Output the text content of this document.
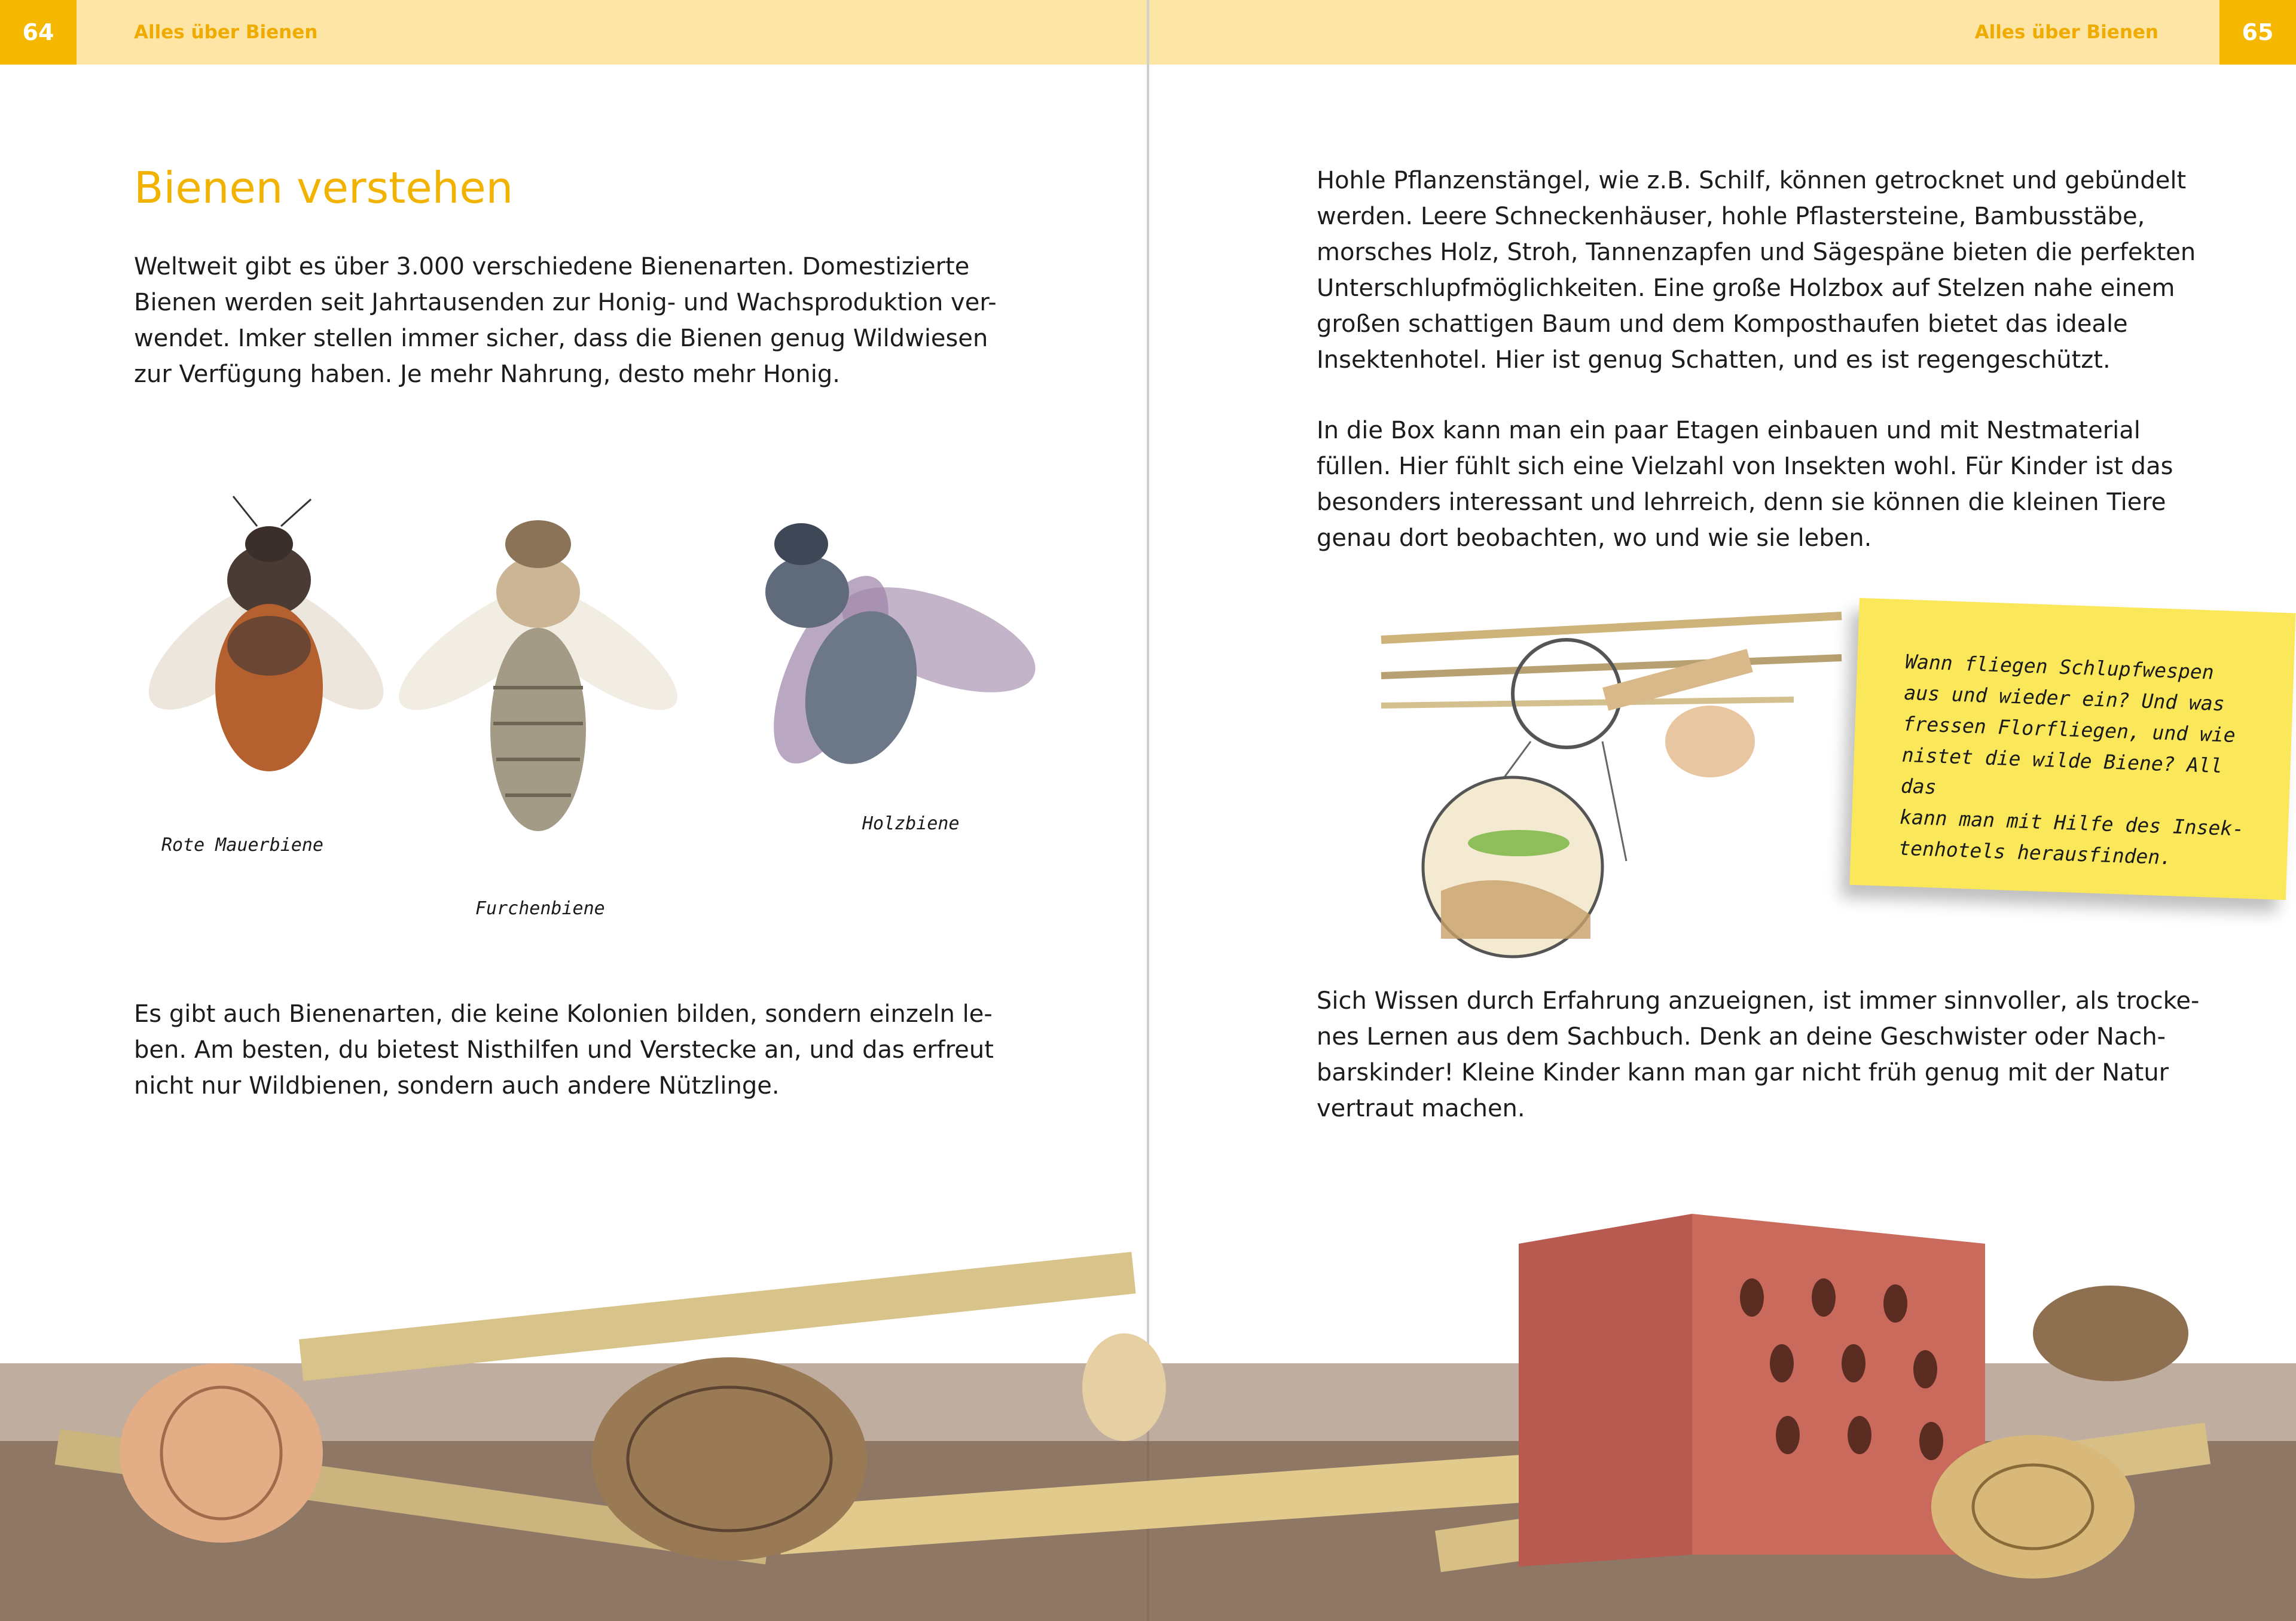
64	65
Alles über Bienen	Alles über Bienen
Bienen verstehen

Weltweit gibt es über 3.000 verschiedene Bienenarten. Domestizierte
Bienen werden seit Jahrtausenden zur Honig- und Wachsproduktion ver-
wendet. Imker stellen immer sicher, dass die Bienen genug Wildwiesen
zur Verfügung haben. Je mehr Nahrung, desto mehr Honig.

Rote Mauerbiene
Furchenbiene
Holzbiene

Es gibt auch Bienenarten, die keine Kolonien bilden, sondern einzeln le-
ben. Am besten, du bietest Nisthilfen und Verstecke an, und das erfreut
nicht nur Wildbienen, sondern auch andere Nützlinge.

Hohle Pflanzenstängel, wie z.B. Schilf, können getrocknet und gebündelt
werden. Leere Schneckenhäuser, hohle Pflastersteine, Bambusstäbe,
morsches Holz, Stroh, Tannenzapfen und Sägespäne bieten die perfekten
Unterschlupfmöglichkeiten. Eine große Holzbox auf Stelzen nahe einem
großen schattigen Baum und dem Komposthaufen bietet das ideale
Insektenhotel. Hier ist genug Schatten, und es ist regengeschützt.

In die Box kann man ein paar Etagen einbauen und mit Nestmaterial
füllen. Hier fühlt sich eine Vielzahl von Insekten wohl. Für Kinder ist das
besonders interessant und lehrreich, denn sie können die kleinen Tiere
genau dort beobachten, wo und wie sie leben.

Wann fliegen Schlupfwespen
aus und wieder ein? Und was
fressen Florfliegen, und wie
nistet die wilde Biene? All das
kann man mit Hilfe des Insek-
tenhotels herausfinden.

Sich Wissen durch Erfahrung anzueignen, ist immer sinnvoller, als trocke-
nes Lernen aus dem Sachbuch. Denk an deine Geschwister oder Nach-
barskinder! Kleine Kinder kann man gar nicht früh genug mit der Natur
vertraut machen.
